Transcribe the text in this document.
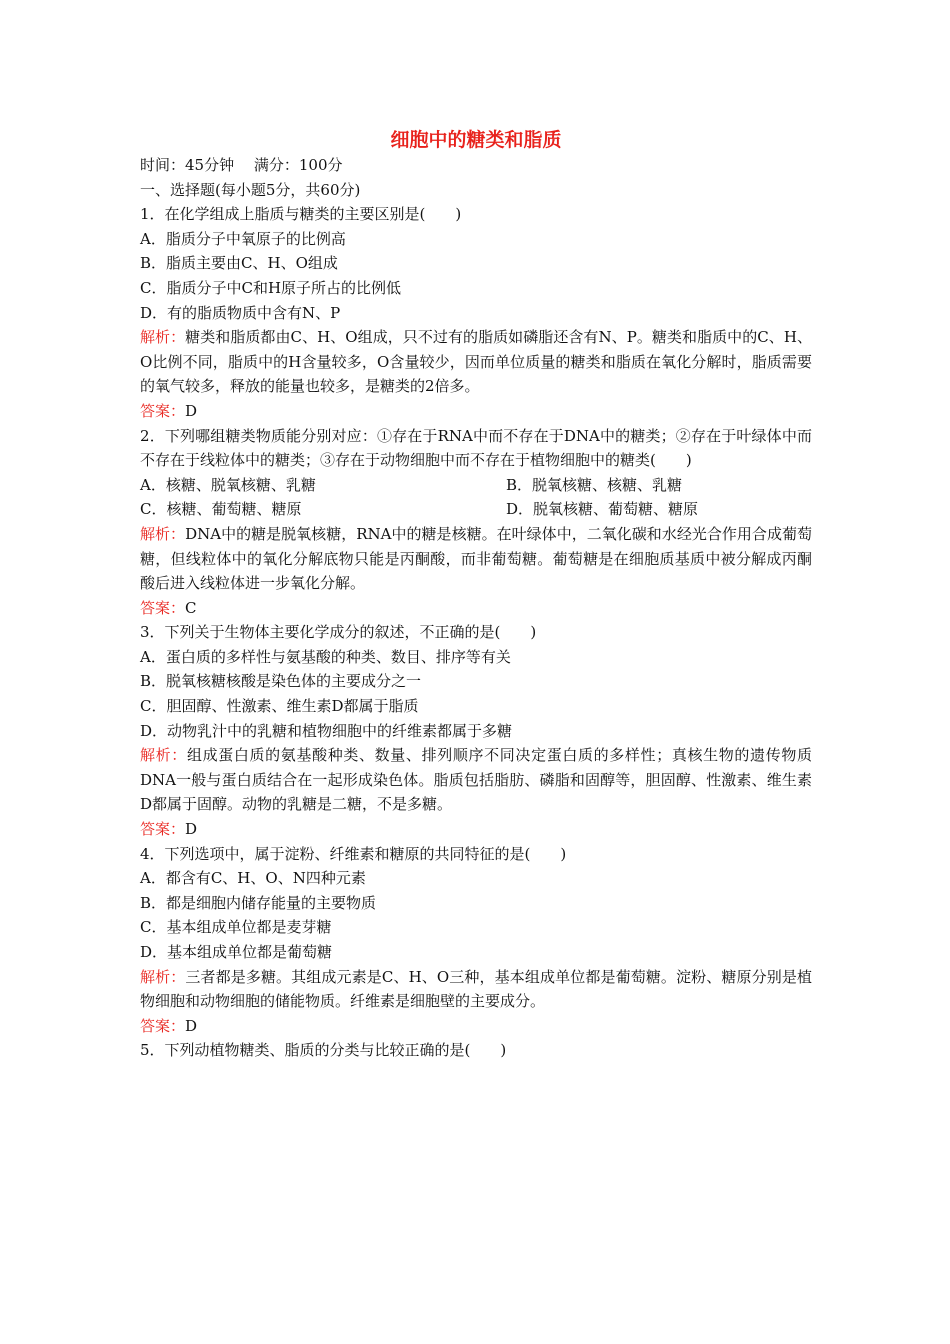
细胞中的糖类和脂质
时间：45分钟　 满分：100分
一、选择题(每小题5分，共60分)
1．在化学组成上脂质与糖类的主要区别是(　　)
A．脂质分子中氧原子的比例高
B．脂质主要由C、H、O组成
C．脂质分子中C和H原子所占的比例低
D．有的脂质物质中含有N、P
解析：糖类和脂质都由C、H、O组成，只不过有的脂质如磷脂还含有N、P。糖类和脂质中的C、H、O比例不同，脂质中的H含量较多，O含量较少，因而单位质量的糖类和脂质在氧化分解时，脂质需要的氧气较多，释放的能量也较多，是糖类的2倍多。
答案：D
2．下列哪组糖类物质能分别对应：①存在于RNA中而不存在于DNA中的糖类；②存在于叶绿体中而不存在于线粒体中的糖类；③存在于动物细胞中而不存在于植物细胞中的糖类(　　)
A．核糖、脱氧核糖、乳糖	B．脱氧核糖、核糖、乳糖
C．核糖、葡萄糖、糖原	D．脱氧核糖、葡萄糖、糖原
解析：DNA中的糖是脱氧核糖，RNA中的糖是核糖。在叶绿体中，二氧化碳和水经光合作用合成葡萄糖，但线粒体中的氧化分解底物只能是丙酮酸，而非葡萄糖。葡萄糖是在细胞质基质中被分解成丙酮酸后进入线粒体进一步氧化分解。
答案：C
3．下列关于生物体主要化学成分的叙述，不正确的是(　　)
A．蛋白质的多样性与氨基酸的种类、数目、排序等有关
B．脱氧核糖核酸是染色体的主要成分之一
C．胆固醇、性激素、维生素D都属于脂质
D．动物乳汁中的乳糖和植物细胞中的纤维素都属于多糖
解析：组成蛋白质的氨基酸种类、数量、排列顺序不同决定蛋白质的多样性；真核生物的遗传物质DNA一般与蛋白质结合在一起形成染色体。脂质包括脂肪、磷脂和固醇等，胆固醇、性激素、维生素D都属于固醇。动物的乳糖是二糖，不是多糖。
答案：D
4．下列选项中，属于淀粉、纤维素和糖原的共同特征的是(　　)
A．都含有C、H、O、N四种元素
B．都是细胞内储存能量的主要物质
C．基本组成单位都是麦芽糖
D．基本组成单位都是葡萄糖
解析：三者都是多糖。其组成元素是C、H、O三种，基本组成单位都是葡萄糖。淀粉、糖原分别是植物细胞和动物细胞的储能物质。纤维素是细胞壁的主要成分。
答案：D
5．下列动植物糖类、脂质的分类与比较正确的是(　　)
